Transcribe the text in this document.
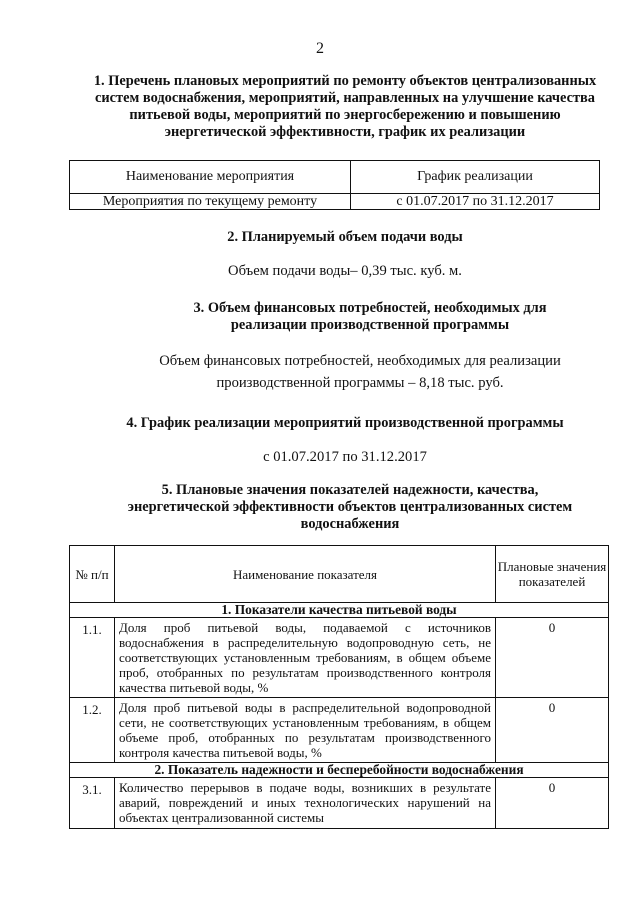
2
1. Перечень плановых мероприятий по ремонту объектов централизованных систем водоснабжения, мероприятий, направленных на улучшение качества питьевой воды, мероприятий по энергосбережению и повышению энергетической эффективности, график их реализации
Наименование мероприятия	График реализации
Мероприятия по текущему ремонту	с 01.07.2017 по 31.12.2017
2. Планируемый объем подачи воды
Объем подачи воды– 0,39 тыс. куб. м.
3. Объем финансовых потребностей, необходимых для реализации производственной программы
Объем финансовых потребностей, необходимых для реализации производственной программы – 8,18 тыс. руб.
4. График реализации мероприятий производственной программы
с 01.07.2017 по 31.12.2017
5. Плановые значения показателей надежности, качества, энергетической эффективности объектов централизованных систем водоснабжения
№ п/п	Наименование показателя	Плановые значения показателей
1. Показатели качества питьевой воды		
1.1.	Доля проб питьевой воды, подаваемой с источников водоснабжения в распределительную водопроводную сеть, не соответствующих установленным требованиям, в общем объеме проб, отобранных по результатам производственного контроля качества питьевой воды, %	0
1.2.	Доля проб питьевой воды в распределительной водопроводной сети, не соответствующих установленным требованиям, в общем объеме проб, отобранных по результатам производственного контроля качества питьевой воды, %	0
2. Показатель надежности и бесперебойности водоснабжения		
3.1.	Количество перерывов в подаче воды, возникших в результате аварий, повреждений и иных технологических нарушений на объектах централизованной системы	0
